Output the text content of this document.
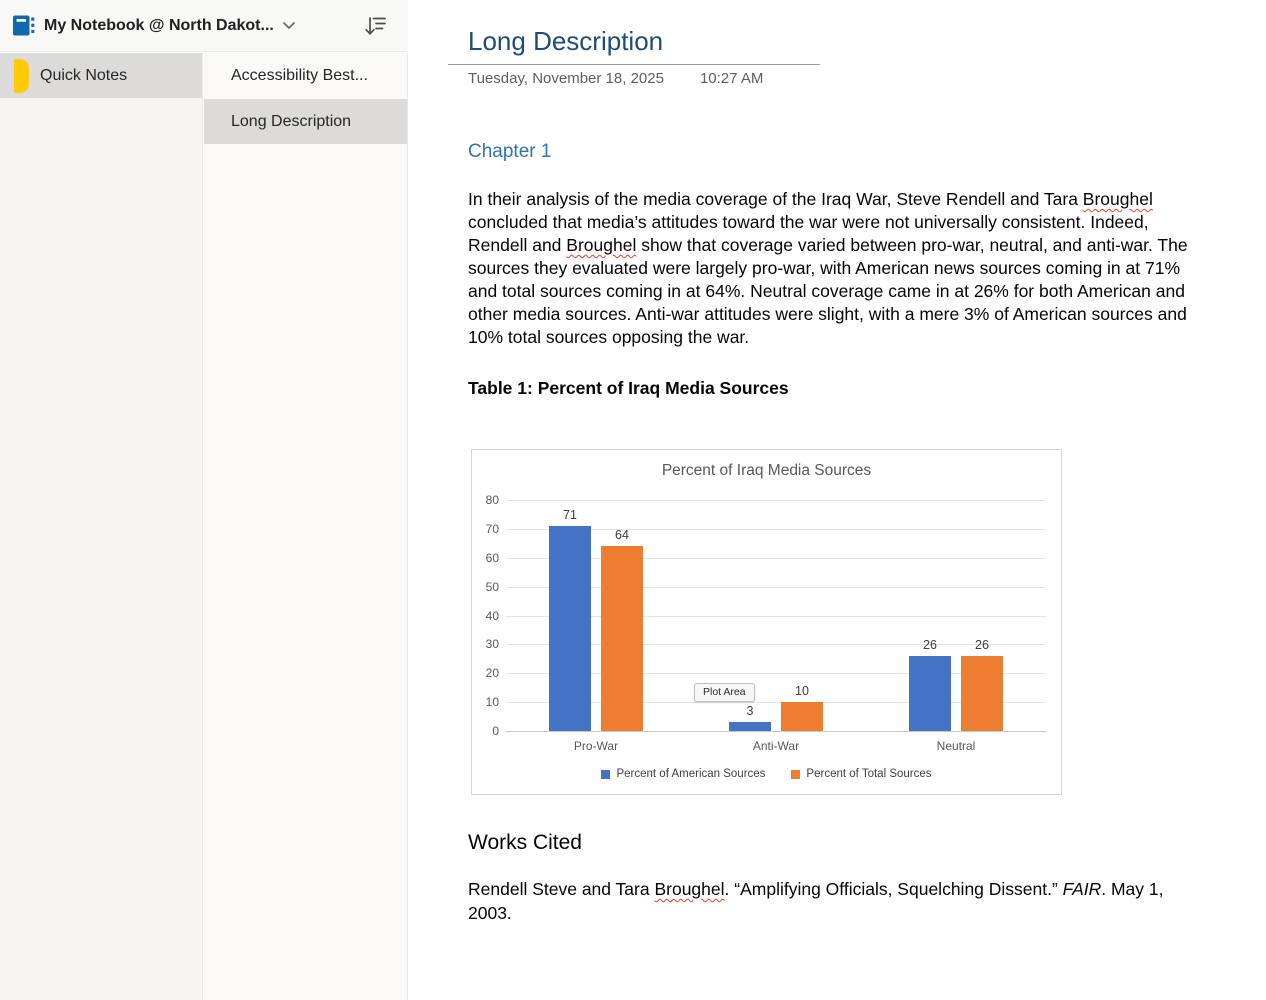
My Notebook @ North Dakot...
Quick Notes	Accessibility Best...
Long Description
Long Description
Tuesday, November 18, 2025 10:27 AM
Chapter 1
In their analysis of the media coverage of the Iraq War, Steve Rendell and Tara Broughel concluded that media’s attitudes toward the war were not universally consistent. Indeed, Rendell and Broughel show that coverage varied between pro-war, neutral, and anti-war. The sources they evaluated were largely pro-war, with American news sources coming in at 71% and total sources coming in at 64%. Neutral coverage came in at 26% for both American and other media sources. Anti-war attitudes were slight, with a mere 3% of American sources and 10% total sources opposing the war.
Table 1: Percent of Iraq Media Sources
Percent of Iraq Media Sources
0
10
20
30
40
50
60
70
80
71
64
Pro-War
3
10
Anti-War
26	26
Neutral
Percent of American Sources	Percent of Total Sources
Plot Area
Works Cited
Rendell Steve and Tara Broughel. “Amplifying Officials, Squelching Dissent.” FAIR. May 1, 2003.
